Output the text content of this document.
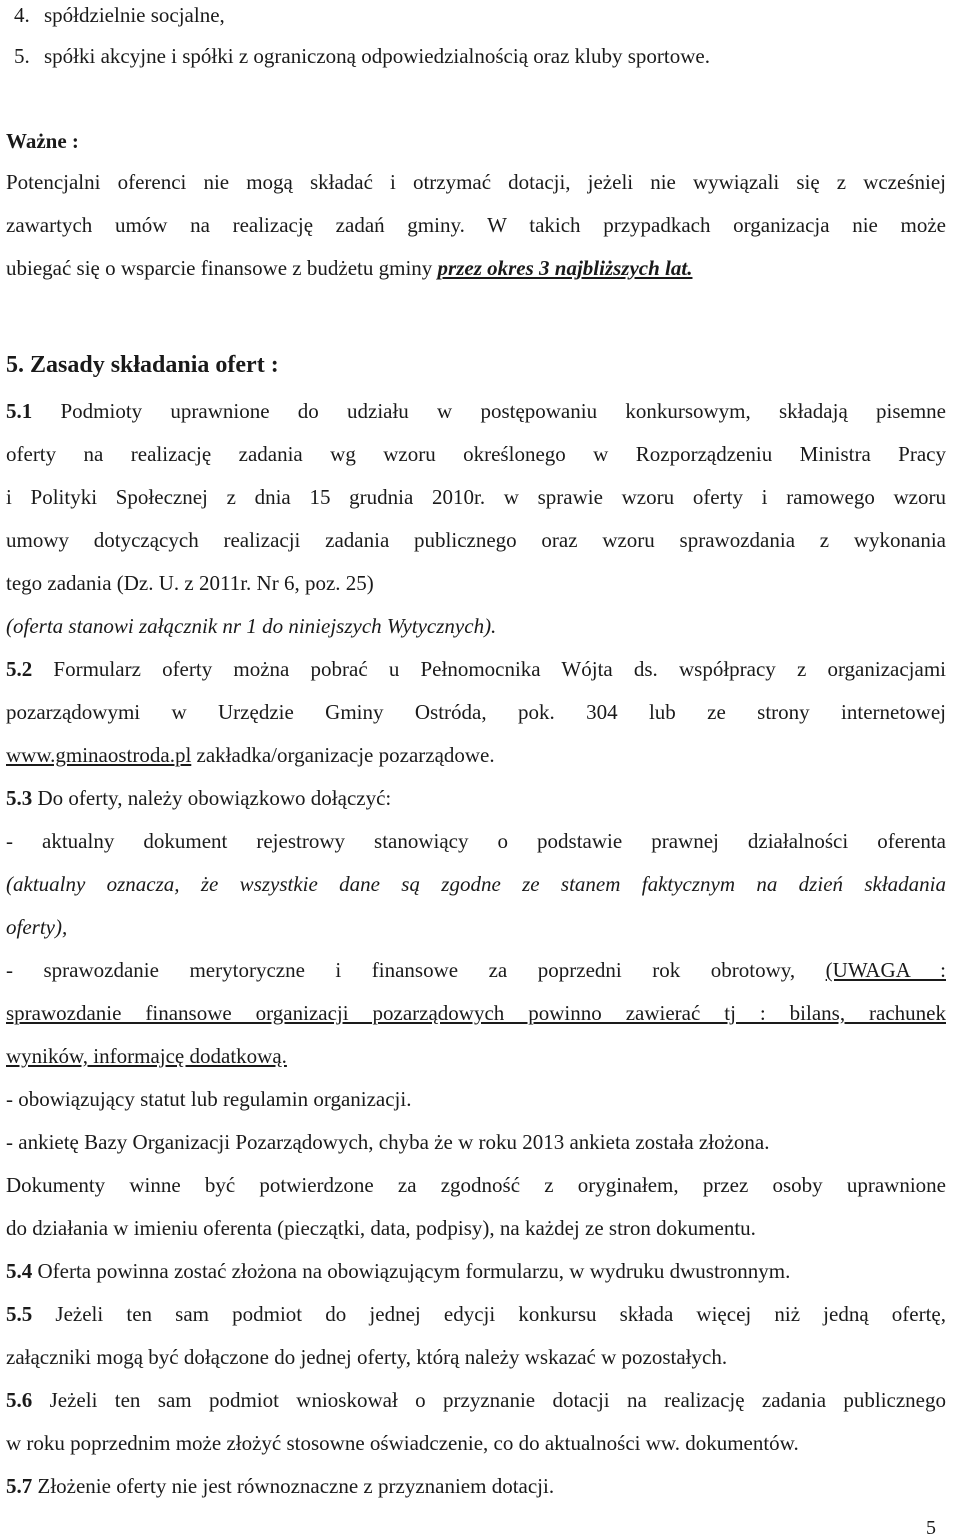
4. spółdzielnie socjalne,
5. spółki akcyjne i spółki z ograniczoną odpowiedzialnością oraz kluby sportowe.
Ważne :
Potencjalni oferenci nie mogą składać i otrzymać dotacji, jeżeli nie wywiązali się z wcześniej
zawartych umów na realizację zadań gminy. W takich przypadkach organizacja nie może
ubiegać się o wsparcie finansowe z budżetu gminy przez okres 3 najbliższych lat.
5. Zasady składania ofert :
5.1 Podmioty uprawnione do udziału w postępowaniu konkursowym, składają pisemne
oferty na realizację zadania wg wzoru określonego w Rozporządzeniu Ministra Pracy
i Polityki Społecznej z dnia 15 grudnia 2010r. w sprawie wzoru oferty i ramowego wzoru
umowy dotyczących realizacji zadania publicznego oraz wzoru sprawozdania z wykonania
tego zadania (Dz. U. z 2011r. Nr 6, poz. 25)
(oferta stanowi załącznik nr 1 do niniejszych Wytycznych).
5.2 Formularz oferty można pobrać u Pełnomocnika Wójta ds. współpracy z organizacjami
pozarządowymi w Urzędzie Gminy Ostróda, pok. 304 lub ze strony internetowej
www.gminaostroda.pl zakładka/organizacje pozarządowe.
5.3 Do oferty, należy obowiązkowo dołączyć:
- aktualny dokument rejestrowy stanowiący o podstawie prawnej działalności oferenta
(aktualny oznacza, że wszystkie dane są zgodne ze stanem faktycznym na dzień składania
oferty),
- sprawozdanie merytoryczne i finansowe za poprzedni rok obrotowy, (UWAGA :
sprawozdanie finansowe organizacji pozarządowych powinno zawierać tj : bilans, rachunek
wyników, informajcę dodatkową.
- obowiązujący statut lub regulamin organizacji.
- ankietę Bazy Organizacji Pozarządowych, chyba że w roku 2013 ankieta została złożona.
Dokumenty winne być potwierdzone za zgodność z oryginałem, przez osoby uprawnione
do działania w imieniu oferenta (pieczątki, data, podpisy), na każdej ze stron dokumentu.
5.4 Oferta powinna zostać złożona na obowiązującym formularzu, w wydruku dwustronnym.
5.5 Jeżeli ten sam podmiot do jednej edycji konkursu składa więcej niż jedną ofertę,
załączniki mogą być dołączone do jednej oferty, którą należy wskazać w pozostałych.
5.6 Jeżeli ten sam podmiot wnioskował o przyznanie dotacji na realizację zadania publicznego
w roku poprzednim może złożyć stosowne oświadczenie, co do aktualności ww. dokumentów.
5.7 Złożenie oferty nie jest równoznaczne z przyznaniem dotacji.
5
